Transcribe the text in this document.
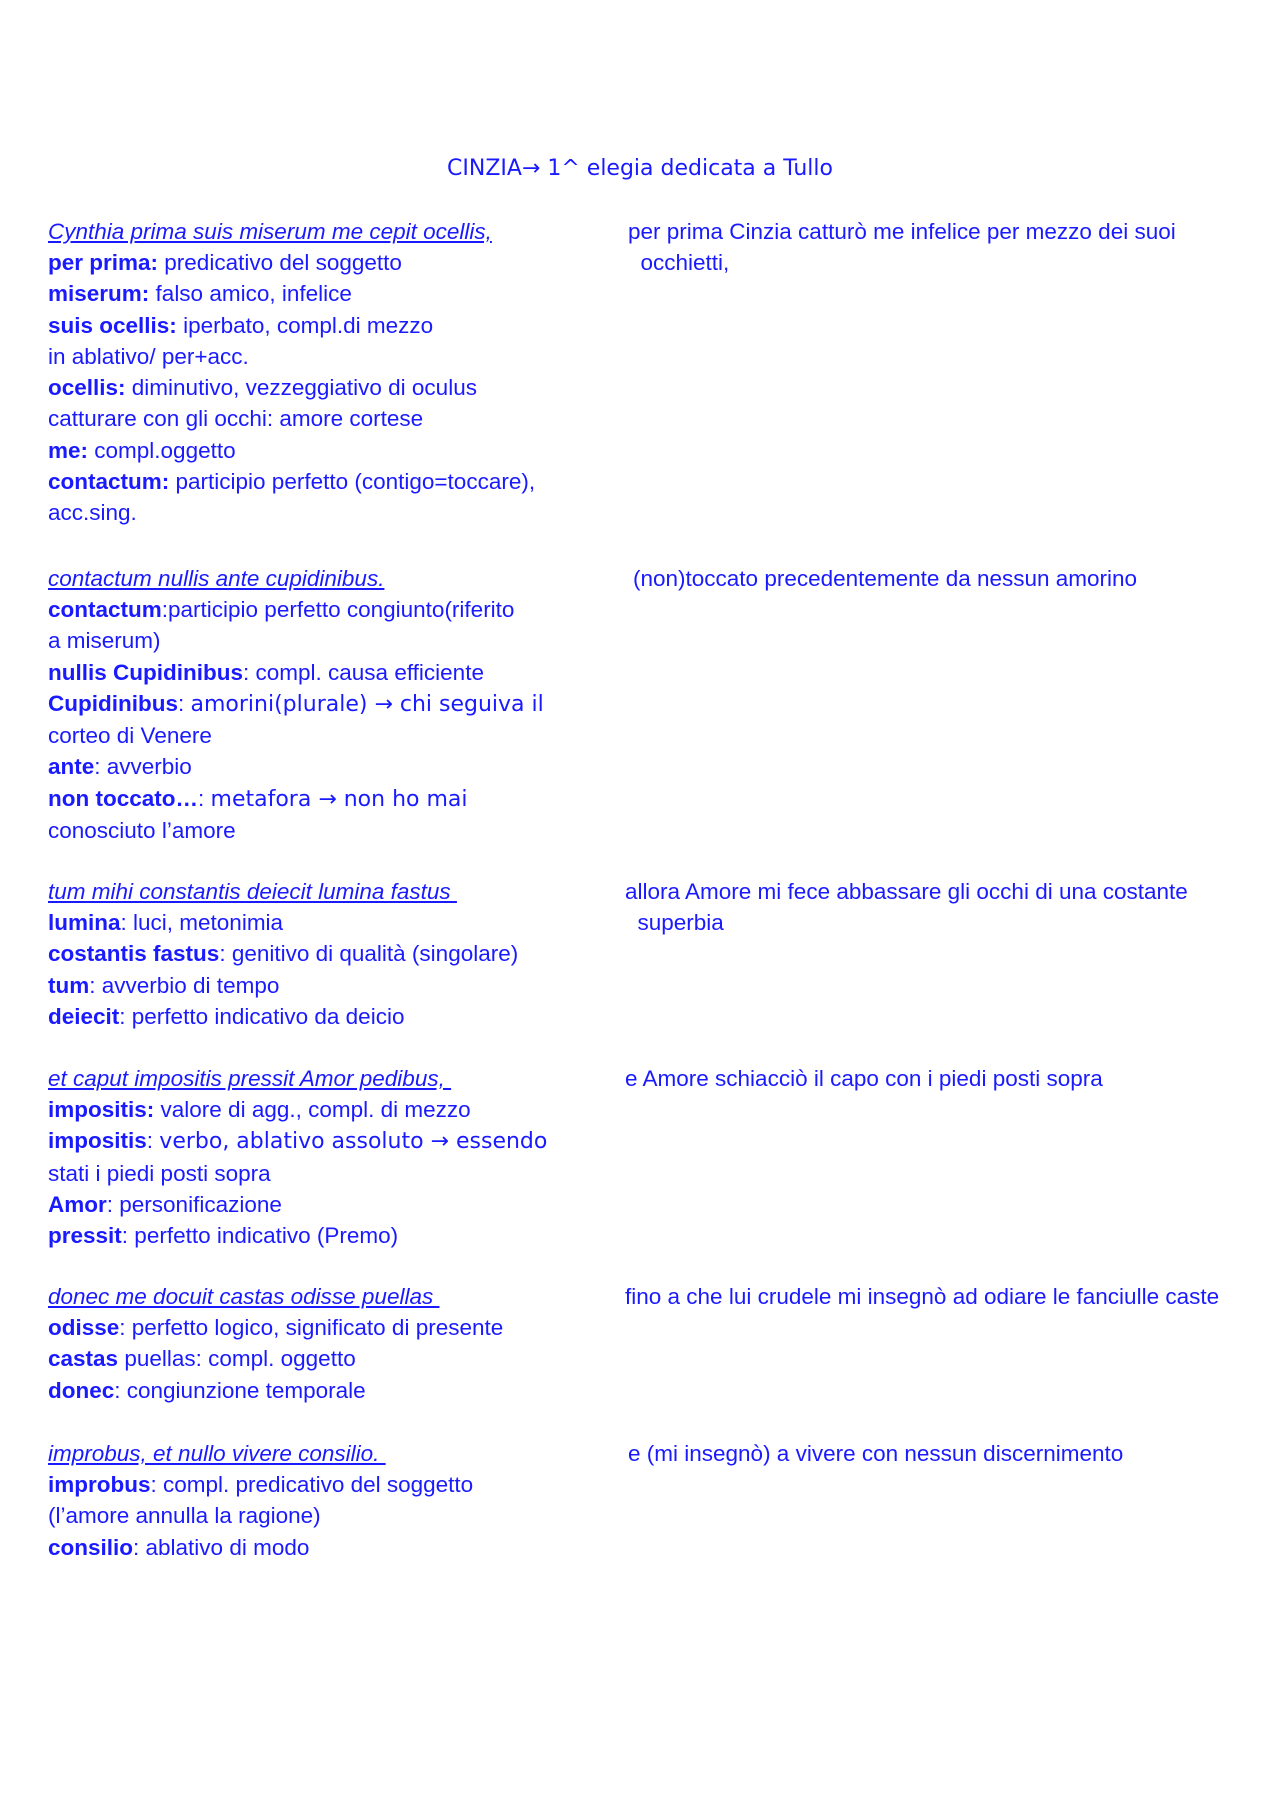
CINZIA→ 1^ elegia dedicata a Tullo
Cynthia prima suis miserum me cepit ocellis,	per prima Cinzia catturò me infelice per mezzo dei suoi
occhietti,
per prima: predicativo del soggetto
miserum: falso amico, infelice
suis ocellis: iperbato, compl.di mezzo
in ablativo/ per+acc.
ocellis: diminutivo, vezzeggiativo di oculus
catturare con gli occhi: amore cortese
me: compl.oggetto
contactum: participio perfetto (contigo=toccare),
acc.sing.
contactum nullis ante cupidinibus.	(non)toccato precedentemente da nessun amorino
contactum:participio perfetto congiunto(riferito
a miserum)
nullis Cupidinibus: compl. causa efficiente
Cupidinibus: amorini(plurale) → chi seguiva il
corteo di Venere
ante: avverbio
non toccato…: metafora → non ho mai
conosciuto l’amore
tum mihi constantis deiecit lumina fastus	allora Amore mi fece abbassare gli occhi di una costante
superbia
lumina: luci, metonimia
costantis fastus: genitivo di qualità (singolare)
tum: avverbio di tempo
deiecit: perfetto indicativo da deicio
et caput impositis pressit Amor pedibus,	e Amore schiacciò il capo con i piedi posti sopra
impositis: valore di agg., compl. di mezzo
impositis: verbo, ablativo assoluto → essendo
stati i piedi posti sopra
Amor: personificazione
pressit: perfetto indicativo (Premo)
donec me docuit castas odisse puellas	fino a che lui crudele mi insegnò ad odiare le fanciulle caste
odisse: perfetto logico, significato di presente
castas puellas: compl. oggetto
donec: congiunzione temporale
improbus, et nullo vivere consilio.	e (mi insegnò) a vivere con nessun discernimento
improbus: compl. predicativo del soggetto
(l’amore annulla la ragione)
consilio: ablativo di modo
